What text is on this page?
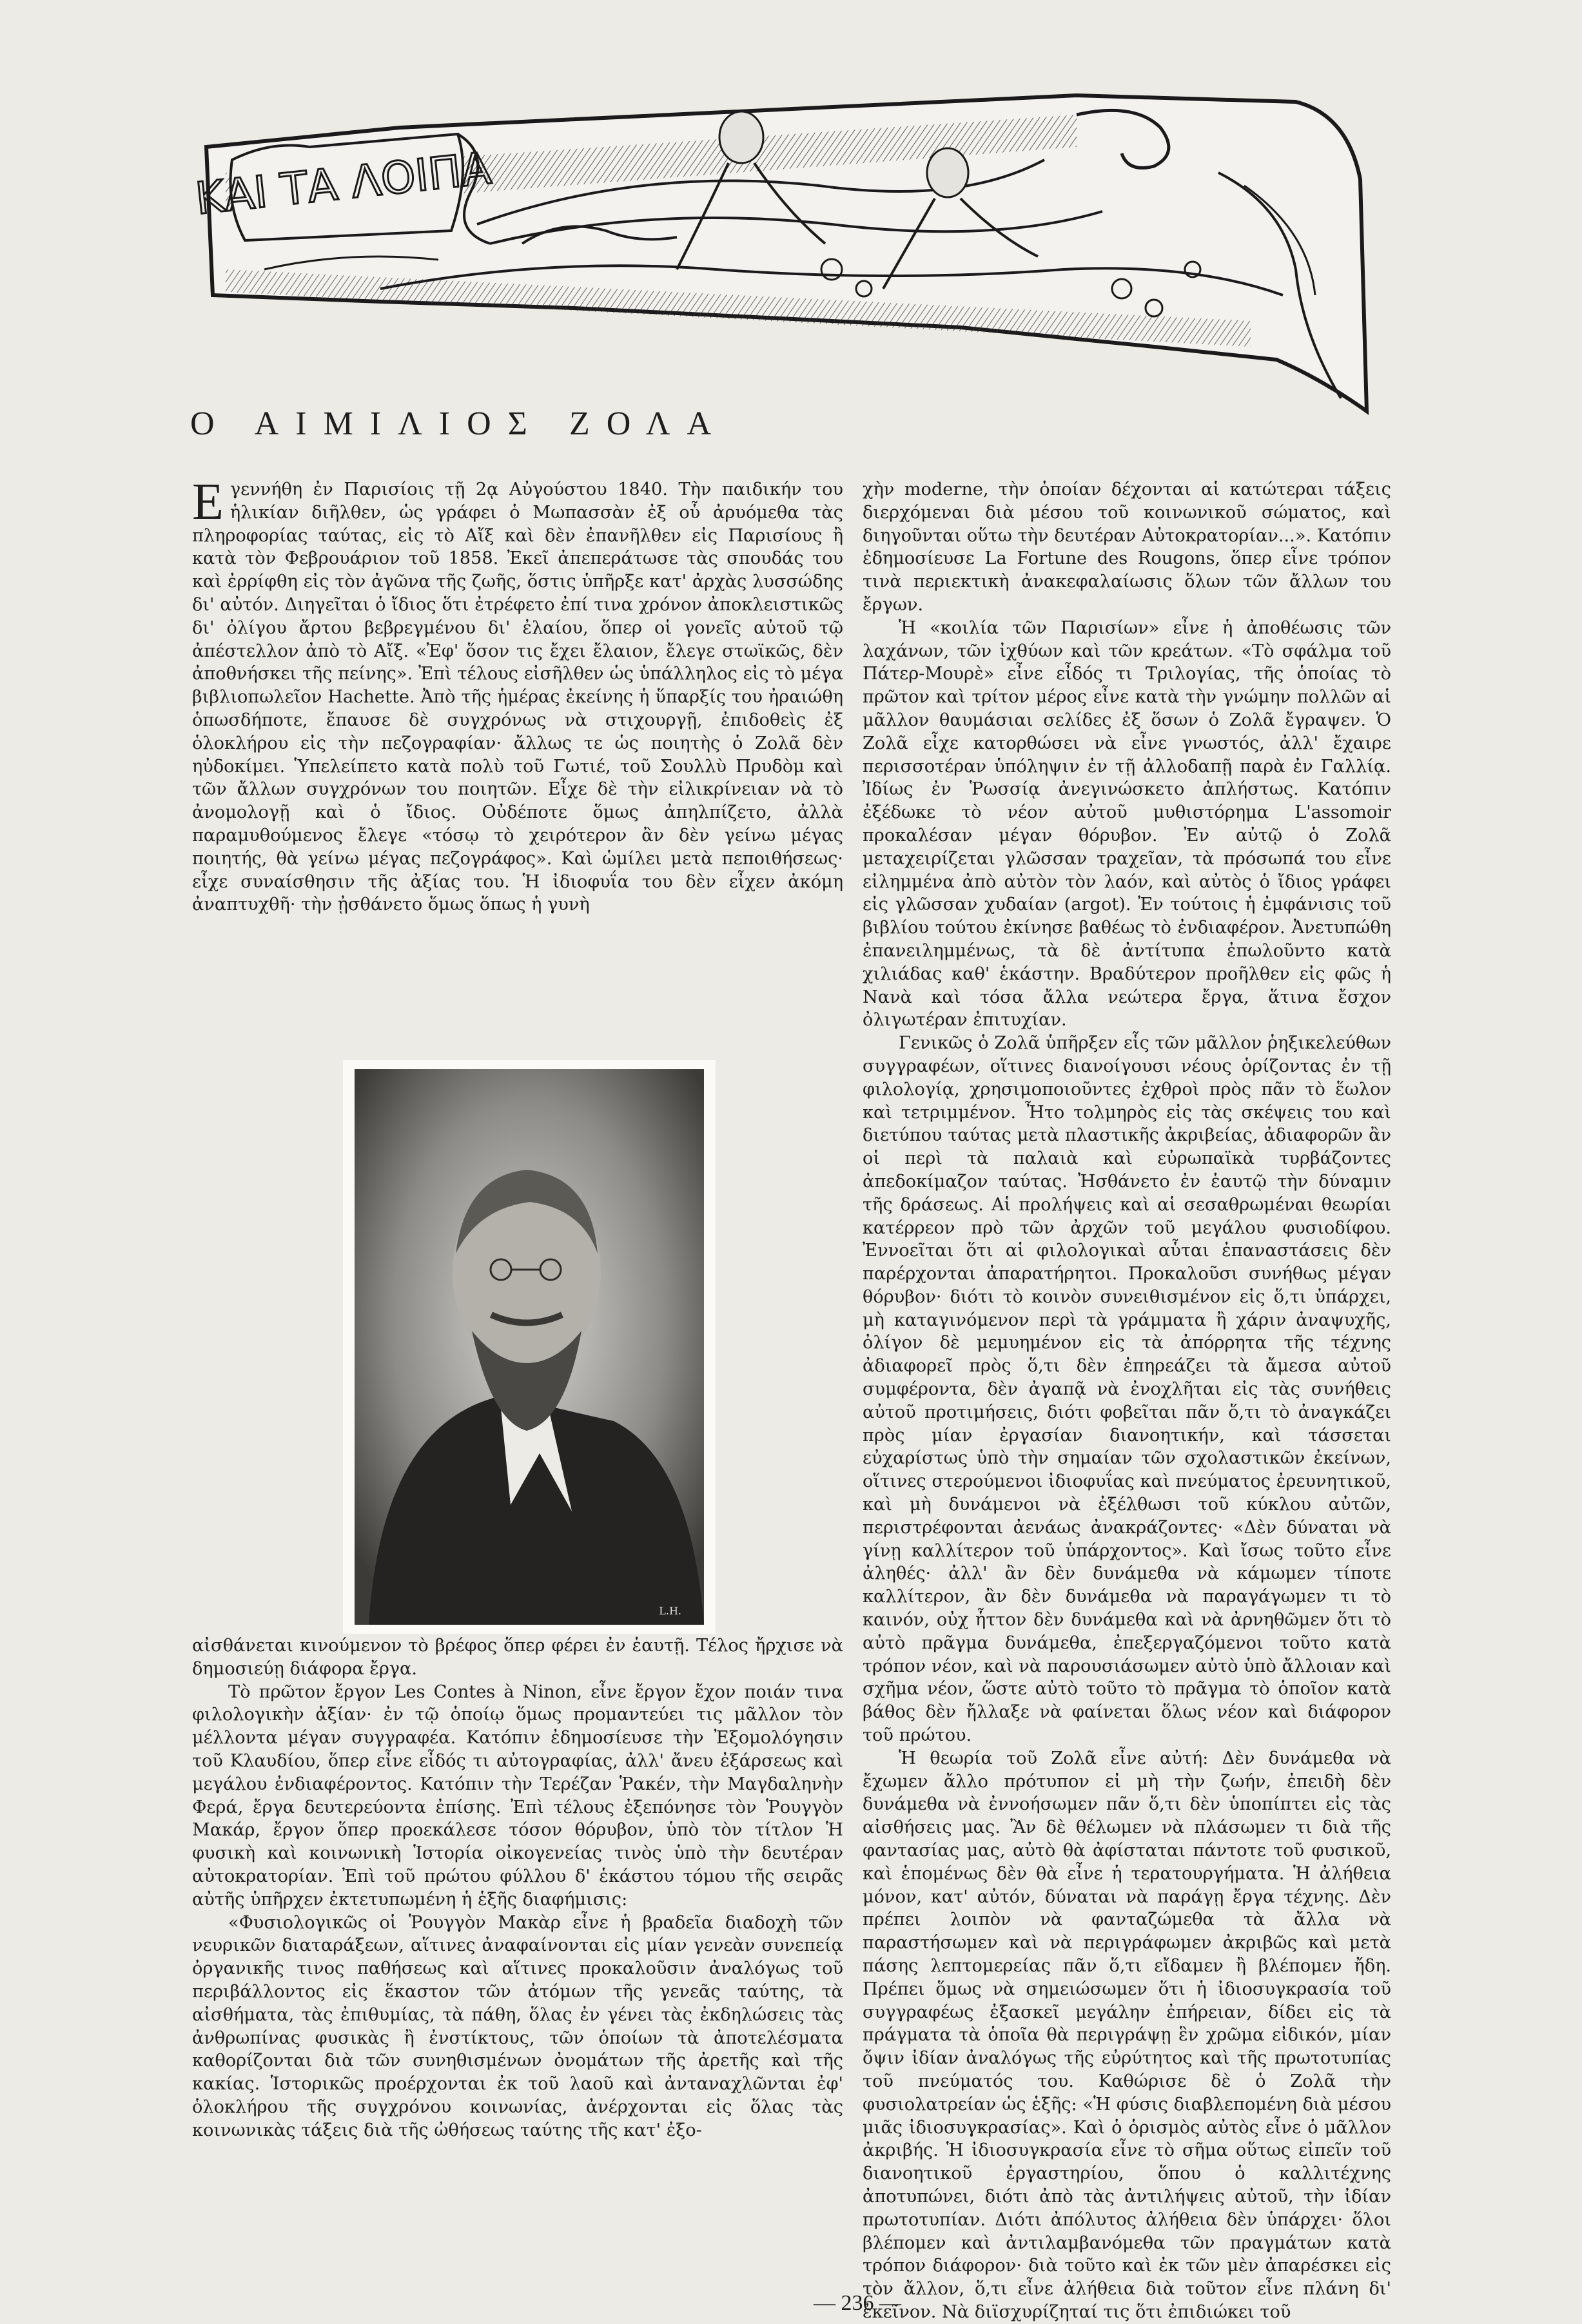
ΚΑΙ ΤΑ ΛΟΙΠΑ
Ο ΑΙΜΙΛΙΟΣ ΖΟΛΑ

Εγεννήθη ἐν Παρισίοις τῇ 2ᾳ Αὐγούστου 1840. Τὴν παιδικήν του ἡλικίαν διῆλθεν, ὡς γράφει ὁ Μωπασσὰν ἐξ οὗ ἀρυόμεθα τὰς πληροφορίας ταύτας, εἰς τὸ Αἴξ καὶ δὲν ἐπανῆλθεν εἰς Παρισίους ἢ κατὰ τὸν Φεβρουάριον τοῦ 1858. Ἐκεῖ ἀπεπεράτωσε τὰς σπουδάς του καὶ ἐρρίφθη εἰς τὸν ἀγῶνα τῆς ζωῆς, ὅστις ὑπῆρξε κατ' ἀρχὰς λυσσώδης δι' αὐτόν. Διηγεῖται ὁ ἴδιος ὅτι ἐτρέφετο ἐπί τινα χρόνον ἀποκλειστικῶς δι' ὀλίγου ἄρτου βεβρεγμένου δι' ἐλαίου, ὅπερ οἱ γονεῖς αὐτοῦ τῷ ἀπέστελλον ἀπὸ τὸ Αἴξ. «Ἐφ' ὅσον τις ἔχει ἔλαιον, ἔλεγε στωϊκῶς, δὲν ἀποθνήσκει τῆς πείνης». Ἐπὶ τέλους εἰσῆλθεν ὡς ὑπάλληλος εἰς τὸ μέγα βιβλιοπωλεῖον Hachette. Ἀπὸ τῆς ἡμέρας ἐκείνης ἡ ὕπαρξίς του ἠραιώθη ὁπωσδήποτε, ἔπαυσε δὲ συγχρόνως νὰ στιχουργῇ, ἐπιδοθεὶς ἐξ ὁλοκλήρου εἰς τὴν πεζογραφίαν· ἄλλως τε ὡς ποιητὴς ὁ Ζολᾶ δὲν ηὐδοκίμει. Ὑπελείπετο κατὰ πολὺ τοῦ Γωτιέ, τοῦ Σουλλὺ Πρυδὸμ καὶ τῶν ἄλλων συγχρόνων του ποιητῶν. Εἶχε δὲ τὴν εἰλικρίνειαν νὰ τὸ ἀνομολογῇ καὶ ὁ ἴδιος. Οὐδέποτε ὅμως ἀπηλπίζετο, ἀλλὰ παραμυθούμενος ἔλεγε «τόσῳ τὸ χειρότερον ἂν δὲν γείνω μέγας ποιητής, θὰ γείνω μέγας πεζογράφος». Καὶ ὡμίλει μετὰ πεποιθήσεως· εἶχε συναίσθησιν τῆς ἀξίας του. Ἡ ἰδιοφυΐα του δὲν εἶχεν ἀκόμη ἀναπτυχθῆ· τὴν ᾐσθάνετο ὅμως ὅπως ἡ γυνὴ

L.H.

αἰσθάνεται κινούμενον τὸ βρέφος ὅπερ φέρει ἐν ἑαυτῇ. Τέλος ἤρχισε νὰ δημοσιεύῃ διάφορα ἔργα.

Τὸ πρῶτον ἔργον Les Contes à Ninon, εἶνε ἔργον ἔχον ποιάν τινα φιλολογικὴν ἀξίαν· ἐν τῷ ὁποίῳ ὅμως προμαντεύει τις μᾶλλον τὸν μέλλοντα μέγαν συγγραφέα. Κατόπιν ἐδημοσίευσε τὴν Ἐξομολόγησιν τοῦ Κλαυδίου, ὅπερ εἶνε εἶδός τι αὐτογραφίας, ἀλλ' ἄνευ ἐξάρσεως καὶ μεγάλου ἐνδιαφέροντος. Κατόπιν τὴν Τερέζαν Ῥακέν, τὴν Μαγδαληνὴν Φερά, ἔργα δευτερεύοντα ἐπίσης. Ἐπὶ τέλους ἐξεπόνησε τὸν Ῥουγγὸν Μακάρ, ἔργον ὅπερ προεκάλεσε τόσον θόρυβον, ὑπὸ τὸν τίτλον Ἡ φυσικὴ καὶ κοινωνικὴ Ἱστορία οἰκογενείας τινὸς ὑπὸ τὴν δευτέραν αὐτοκρατορίαν. Ἐπὶ τοῦ πρώτου φύλλου δ' ἑκάστου τόμου τῆς σειρᾶς αὐτῆς ὑπῆρχεν ἐκτετυπωμένη ἡ ἑξῆς διαφήμισις:

«Φυσιολογικῶς οἱ Ῥουγγὸν Μακὰρ εἶνε ἡ βραδεῖα διαδοχὴ τῶν νευρικῶν διαταράξεων, αἵτινες ἀναφαίνονται εἰς μίαν γενεὰν συνεπείᾳ ὀργανικῆς τινος παθήσεως καὶ αἵτινες προκαλοῦσιν ἀναλόγως τοῦ περιβάλλοντος εἰς ἕκαστον τῶν ἀτόμων τῆς γενεᾶς ταύτης, τὰ αἰσθήματα, τὰς ἐπιθυμίας, τὰ πάθη, ὅλας ἐν γένει τὰς ἐκδηλώσεις τὰς ἀνθρωπίνας φυσικὰς ἢ ἐνστίκτους, τῶν ὁποίων τὰ ἀποτελέσματα καθορίζονται διὰ τῶν συνηθισμένων ὀνομάτων τῆς ἀρετῆς καὶ τῆς κακίας. Ἱστορικῶς προέρχονται ἐκ τοῦ λαοῦ καὶ ἀνταναχλῶνται ἐφ' ὁλοκλήρου τῆς συγχρόνου κοινωνίας, ἀνέρχονται εἰς ὅλας τὰς κοινωνικὰς τάξεις διὰ τῆς ὠθήσεως ταύτης τῆς κατ' ἐξο-

χὴν moderne, τὴν ὁποίαν δέχονται αἱ κατώτεραι τάξεις διερχόμεναι διὰ μέσου τοῦ κοινωνικοῦ σώματος, καὶ διηγοῦνται οὕτω τὴν δευτέραν Αὐτοκρατορίαν...». Κατόπιν ἐδημοσίευσε La Fortune des Rougons, ὅπερ εἶνε τρόπον τινὰ περιεκτικὴ ἀνακεφαλαίωσις ὅλων τῶν ἄλλων του ἔργων.

Ἡ «κοιλία τῶν Παρισίων» εἶνε ἡ ἀποθέωσις τῶν λαχάνων, τῶν ἰχθύων καὶ τῶν κρεάτων. «Τὸ σφάλμα τοῦ Πάτερ-Μουρὲ» εἶνε εἶδός τι Τριλογίας, τῆς ὁποίας τὸ πρῶτον καὶ τρίτον μέρος εἶνε κατὰ τὴν γνώμην πολλῶν αἱ μᾶλλον θαυμάσιαι σελίδες ἐξ ὅσων ὁ Ζολᾶ ἔγραψεν. Ὁ Ζολᾶ εἶχε κατορθώσει νὰ εἶνε γνωστός, ἀλλ' ἔχαιρε περισσοτέραν ὑπόληψιν ἐν τῇ ἀλλοδαπῇ παρὰ ἐν Γαλλίᾳ. Ἰδίως ἐν Ῥωσσίᾳ ἀνεγινώσκετο ἀπλήστως. Κατόπιν ἐξέδωκε τὸ νέον αὐτοῦ μυθιστόρημα L'assomoir προκαλέσαν μέγαν θόρυβον. Ἐν αὐτῷ ὁ Ζολᾶ μεταχειρίζεται γλῶσσαν τραχεῖαν, τὰ πρόσωπά του εἶνε εἰλημμένα ἀπὸ αὐτὸν τὸν λαόν, καὶ αὐτὸς ὁ ἴδιος γράφει εἰς γλῶσσαν χυδαίαν (argot). Ἐν τούτοις ἡ ἐμφάνισις τοῦ βιβλίου τούτου ἐκίνησε βαθέως τὸ ἐνδιαφέρον. Ἀνετυπώθη ἐπανειλημμένως, τὰ δὲ ἀντίτυπα ἐπωλοῦντο κατὰ χιλιάδας καθ' ἑκάστην. Βραδύτερον προῆλθεν εἰς φῶς ἡ Νανὰ καὶ τόσα ἄλλα νεώτερα ἔργα, ἅτινα ἔσχον ὀλιγωτέραν ἐπιτυχίαν.

Γενικῶς ὁ Ζολᾶ ὑπῆρξεν εἷς τῶν μᾶλλον ῥηξικελεύθων συγγραφέων, οἵτινες διανοίγουσι νέους ὁρίζοντας ἐν τῇ φιλολογίᾳ, χρησιμοποιοῦντες ἐχθροὶ πρὸς πᾶν τὸ ἕωλον καὶ τετριμμένον. Ἦτο τολμηρὸς εἰς τὰς σκέψεις του καὶ διετύπου ταύτας μετὰ πλαστικῆς ἀκριβείας, ἀδιαφορῶν ἂν οἱ περὶ τὰ παλαιὰ καὶ εὐρωπαϊκὰ τυρβάζοντες ἀπεδοκίμαζον ταύτας. Ἠσθάνετο ἐν ἑαυτῷ τὴν δύναμιν τῆς δράσεως. Αἱ προλήψεις καὶ αἱ σεσαθρωμέναι θεωρίαι κατέρρεον πρὸ τῶν ἀρχῶν τοῦ μεγάλου φυσιοδίφου. Ἐννοεῖται ὅτι αἱ φιλολογικαὶ αὗται ἐπαναστάσεις δὲν παρέρχονται ἀπαρατήρητοι. Προκαλοῦσι συνήθως μέγαν θόρυβον· διότι τὸ κοινὸν συνειθισμένον εἰς ὅ,τι ὑπάρχει, μὴ καταγινόμενον περὶ τὰ γράμματα ἢ χάριν ἀναψυχῆς, ὀλίγον δὲ μεμυημένον εἰς τὰ ἀπόρρητα τῆς τέχνης ἀδιαφορεῖ πρὸς ὅ,τι δὲν ἐπηρεάζει τὰ ἄμεσα αὐτοῦ συμφέροντα, δὲν ἀγαπᾷ νὰ ἐνοχλῆται εἰς τὰς συνήθεις αὐτοῦ προτιμήσεις, διότι φοβεῖται πᾶν ὅ,τι τὸ ἀναγκάζει πρὸς μίαν ἐργασίαν διανοητικήν, καὶ τάσσεται εὐχαρίστως ὑπὸ τὴν σημαίαν τῶν σχολαστικῶν ἐκείνων, οἵτινες στερούμενοι ἰδιοφυΐας καὶ πνεύματος ἐρευνητικοῦ, καὶ μὴ δυνάμενοι νὰ ἐξέλθωσι τοῦ κύκλου αὐτῶν, περιστρέφονται ἀενάως ἀνακράζοντες· «Δὲν δύναται νὰ γίνῃ καλλίτερον τοῦ ὑπάρχοντος». Καὶ ἴσως τοῦτο εἶνε ἀληθές· ἀλλ' ἂν δὲν δυνάμεθα νὰ κάμωμεν τίποτε καλλίτερον, ἂν δὲν δυνάμεθα νὰ παραγάγωμεν τι τὸ καινόν, οὐχ ἧττον δὲν δυνάμεθα καὶ νὰ ἀρνηθῶμεν ὅτι τὸ αὐτὸ πρᾶγμα δυνάμεθα, ἐπεξεργαζόμενοι τοῦτο κατὰ τρόπον νέον, καὶ νὰ παρουσιάσωμεν αὐτὸ ὑπὸ ἄλλοιαν καὶ σχῆμα νέον, ὥστε αὐτὸ τοῦτο τὸ πρᾶγμα τὸ ὁποῖον κατὰ βάθος δὲν ἤλλαξε νὰ φαίνεται ὅλως νέον καὶ διάφορον τοῦ πρώτου.

Ἡ θεωρία τοῦ Ζολᾶ εἶνε αὐτή: Δὲν δυνάμεθα νὰ ἔχωμεν ἄλλο πρότυπον εἰ μὴ τὴν ζωήν, ἐπειδὴ δὲν δυνάμεθα νὰ ἐννοήσωμεν πᾶν ὅ,τι δὲν ὑποπίπτει εἰς τὰς αἰσθήσεις μας. Ἂν δὲ θέλωμεν νὰ πλάσωμεν τι διὰ τῆς φαντασίας μας, αὐτὸ θὰ ἀφίσταται πάντοτε τοῦ φυσικοῦ, καὶ ἑπομένως δὲν θὰ εἶνε ἡ τερατουργήματα. Ἡ ἀλήθεια μόνον, κατ' αὐτόν, δύναται νὰ παράγῃ ἔργα τέχνης. Δὲν πρέπει λοιπὸν νὰ φανταζώμεθα τὰ ἄλλα νὰ παραστήσωμεν καὶ νὰ περιγράφωμεν ἀκριβῶς καὶ μετὰ πάσης λεπτομερείας πᾶν ὅ,τι εἴδαμεν ἢ βλέπομεν ἤδη. Πρέπει ὅμως νὰ σημειώσωμεν ὅτι ἡ ἰδιοσυγκρασία τοῦ συγγραφέως ἐξασκεῖ μεγάλην ἐπήρειαν, δίδει εἰς τὰ πράγματα τὰ ὁποῖα θὰ περιγράψῃ ἓν χρῶμα εἰδικόν, μίαν ὄψιν ἰδίαν ἀναλόγως τῆς εὐρύτητος καὶ τῆς πρωτοτυπίας τοῦ πνεύματός του. Καθώρισε δὲ ὁ Ζολᾶ τὴν φυσιολατρείαν ὡς ἑξῆς: «Ἡ φύσις διαβλεπομένη διὰ μέσου μιᾶς ἰδιοσυγκρασίας». Καὶ ὁ ὁρισμὸς αὐτὸς εἶνε ὁ μᾶλλον ἀκριβής. Ἡ ἰδιοσυγκρασία εἶνε τὸ σῆμα οὕτως εἰπεῖν τοῦ διανοητικοῦ ἐργαστηρίου, ὅπου ὁ καλλιτέχνης ἀποτυπώνει, διότι ἀπὸ τὰς ἀντιλήψεις αὐτοῦ, τὴν ἰδίαν πρωτοτυπίαν. Διότι ἀπόλυτος ἀλήθεια δὲν ὑπάρχει· ὅλοι βλέπομεν καὶ ἀντιλαμβανόμεθα τῶν πραγμάτων κατὰ τρόπον διάφορον· διὰ τοῦτο καὶ ἐκ τῶν μὲν ἀπαρέσκει εἰς τὸν ἄλλον, ὅ,τι εἶνε ἀλήθεια διὰ τοῦτον εἶνε πλάνη δι' ἐκεῖνον. Νὰ διϊσχυρίζηταί τις ὅτι ἐπιδιώκει τοῦ

— 236 —
